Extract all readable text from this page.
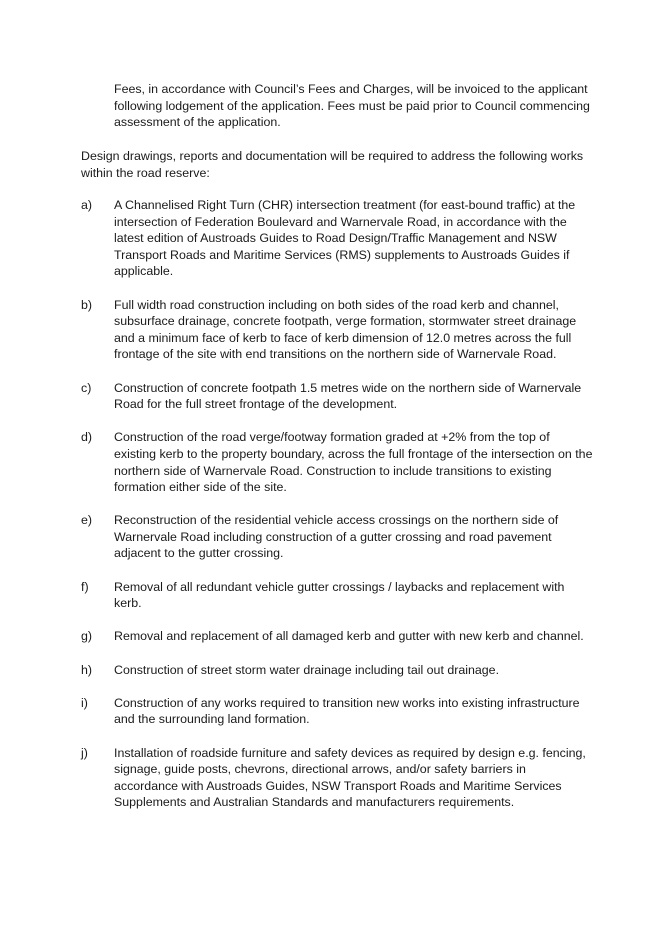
Fees, in accordance with Council’s Fees and Charges, will be invoiced to the applicant following lodgement of the application. Fees must be paid prior to Council commencing assessment of the application.

Design drawings, reports and documentation will be required to address the following works within the road reserve:

a) A Channelised Right Turn (CHR) intersection treatment (for east-bound traffic) at the intersection of Federation Boulevard and Warnervale Road, in accordance with the latest edition of Austroads Guides to Road Design/Traffic Management and NSW Transport Roads and Maritime Services (RMS) supplements to Austroads Guides if applicable.
b) Full width road construction including on both sides of the road kerb and channel, subsurface drainage, concrete footpath, verge formation, stormwater street drainage and a minimum face of kerb to face of kerb dimension of 12.0 metres across the full frontage of the site with end transitions on the northern side of Warnervale Road.
c) Construction of concrete footpath 1.5 metres wide on the northern side of Warnervale Road for the full street frontage of the development.
d) Construction of the road verge/footway formation graded at +2% from the top of existing kerb to the property boundary, across the full frontage of the intersection on the northern side of Warnervale Road. Construction to include transitions to existing formation either side of the site.
e) Reconstruction of the residential vehicle access crossings on the northern side of Warnervale Road including construction of a gutter crossing and road pavement adjacent to the gutter crossing.
f) Removal of all redundant vehicle gutter crossings / laybacks and replacement with kerb.
g) Removal and replacement of all damaged kerb and gutter with new kerb and channel.
h) Construction of street storm water drainage including tail out drainage.
i) Construction of any works required to transition new works into existing infrastructure and the surrounding land formation.
j) Installation of roadside furniture and safety devices as required by design e.g. fencing, signage, guide posts, chevrons, directional arrows, and/or safety barriers in accordance with Austroads Guides, NSW Transport Roads and Maritime Services Supplements and Australian Standards and manufacturers requirements.
